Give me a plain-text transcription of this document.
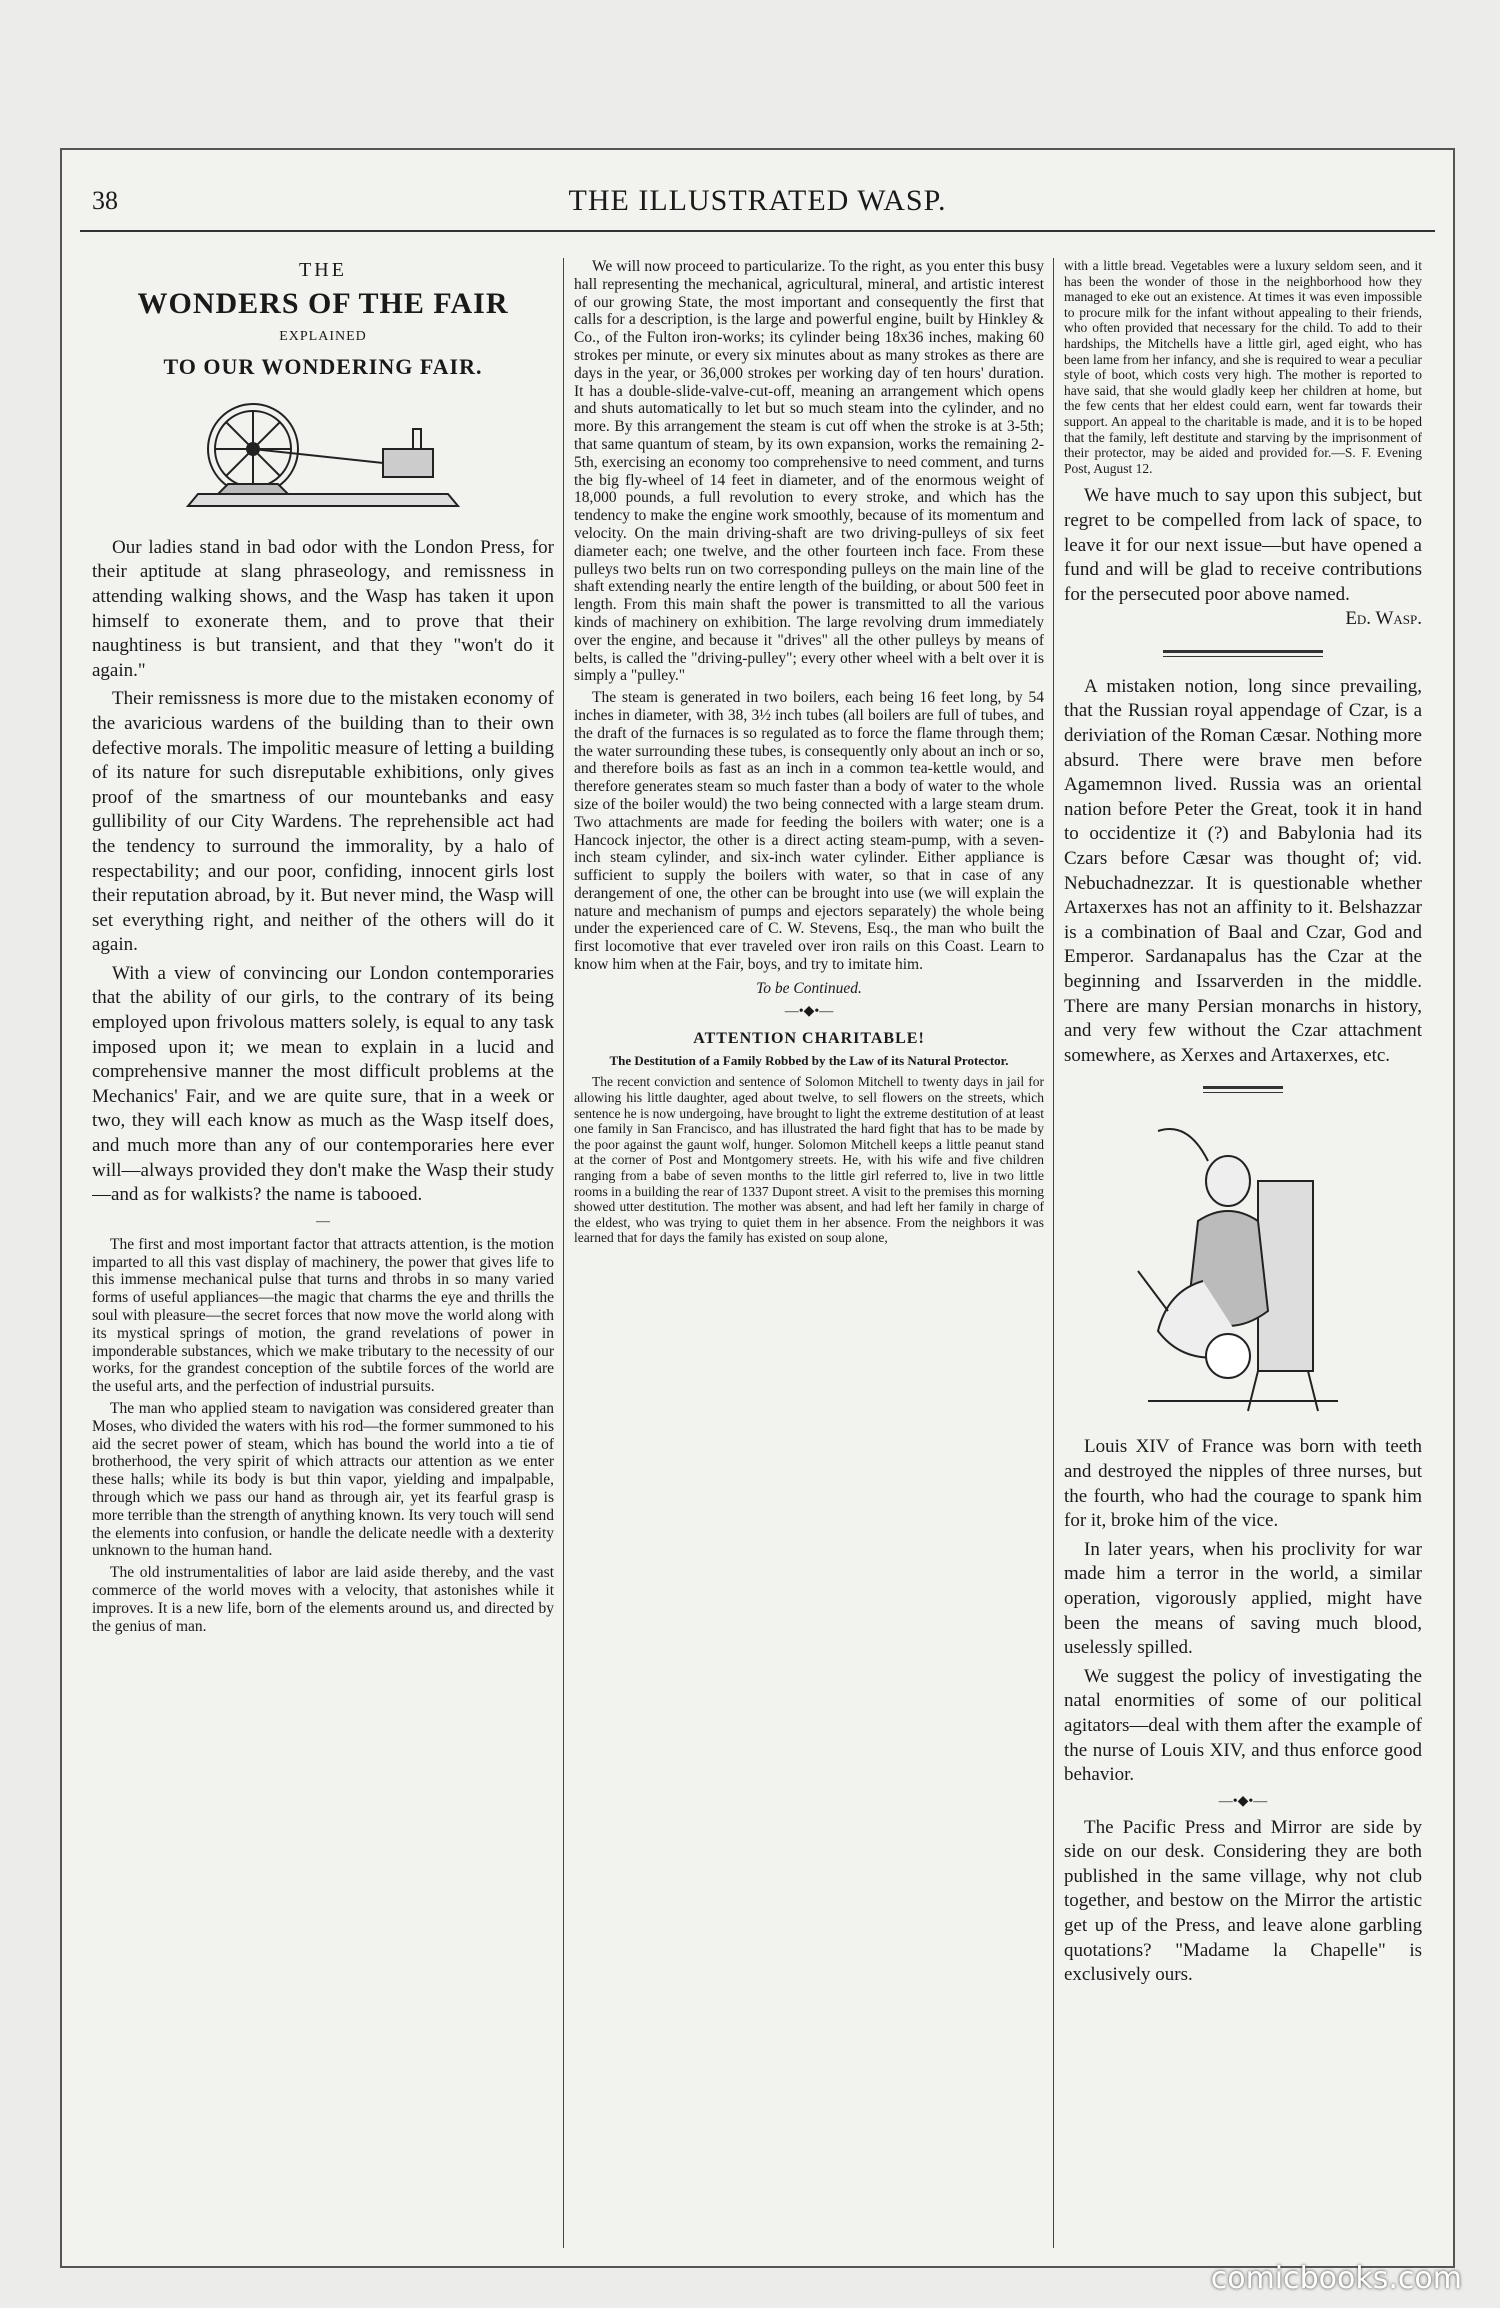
38	THE ILLUSTRATED WASP.
THE
WONDERS OF THE FAIR
EXPLAINED
TO OUR WONDERING FAIR.

Our ladies stand in bad odor with the London Press, for their aptitude at slang phraseology, and remissness in attending walking shows, and the Wasp has taken it upon himself to exonerate them, and to prove that their naughtiness is but transient, and that they "won't do it again."

Their remissness is more due to the mistaken economy of the avaricious wardens of the building than to their own defective morals. The impolitic measure of letting a building of its nature for such disreputable exhibitions, only gives proof of the smartness of our mountebanks and easy gullibility of our City Wardens. The reprehensible act had the tendency to surround the immorality, by a halo of respectability; and our poor, confiding, innocent girls lost their reputation abroad, by it. But never mind, the Wasp will set everything right, and neither of the others will do it again.

With a view of convincing our London contemporaries that the ability of our girls, to the contrary of its being employed upon frivolous matters solely, is equal to any task imposed upon it; we mean to explain in a lucid and comprehensive manner the most difficult problems at the Mechanics' Fair, and we are quite sure, that in a week or two, they will each know as much as the Wasp itself does, and much more than any of our contemporaries here ever will—always provided they don't make the Wasp their study—and as for walkists? the name is tabooed.

—

The first and most important factor that attracts attention, is the motion imparted to all this vast display of machinery, the power that gives life to this immense mechanical pulse that turns and throbs in so many varied forms of useful appliances—the magic that charms the eye and thrills the soul with pleasure—the secret forces that now move the world along with its mystical springs of motion, the grand revelations of power in imponderable substances, which we make tributary to the necessity of our works, for the grandest conception of the subtile forces of the world are the useful arts, and the perfection of industrial pursuits.

The man who applied steam to navigation was considered greater than Moses, who divided the waters with his rod—the former summoned to his aid the secret power of steam, which has bound the world into a tie of brotherhood, the very spirit of which attracts our attention as we enter these halls; while its body is but thin vapor, yielding and impalpable, through which we pass our hand as through air, yet its fearful grasp is more terrible than the strength of anything known. Its very touch will send the elements into confusion, or handle the delicate needle with a dexterity unknown to the human hand.

The old instrumentalities of labor are laid aside thereby, and the vast commerce of the world moves with a velocity, that astonishes while it improves. It is a new life, born of the elements around us, and directed by the genius of man.

We will now proceed to particularize. To the right, as you enter this busy hall representing the mechanical, agricultural, mineral, and artistic interest of our growing State, the most important and consequently the first that calls for a description, is the large and powerful engine, built by Hinkley & Co., of the Fulton iron-works; its cylinder being 18x36 inches, making 60 strokes per minute, or every six minutes about as many strokes as there are days in the year, or 36,000 strokes per working day of ten hours' duration. It has a double-slide-valve-cut-off, meaning an arrangement which opens and shuts automatically to let but so much steam into the cylinder, and no more. By this arrangement the steam is cut off when the stroke is at 3-5th; that same quantum of steam, by its own expansion, works the remaining 2-5th, exercising an economy too comprehensive to need comment, and turns the big fly-wheel of 14 feet in diameter, and of the enormous weight of 18,000 pounds, a full revolution to every stroke, and which has the tendency to make the engine work smoothly, because of its momentum and velocity. On the main driving-shaft are two driving-pulleys of six feet diameter each; one twelve, and the other fourteen inch face. From these pulleys two belts run on two corresponding pulleys on the main line of the shaft extending nearly the entire length of the building, or about 500 feet in length. From this main shaft the power is transmitted to all the various kinds of machinery on exhibition. The large revolving drum immediately over the engine, and because it "drives" all the other pulleys by means of belts, is called the "driving-pulley"; every other wheel with a belt over it is simply a "pulley."

The steam is generated in two boilers, each being 16 feet long, by 54 inches in diameter, with 38, 3½ inch tubes (all boilers are full of tubes, and the draft of the furnaces is so regulated as to force the flame through them; the water surrounding these tubes, is consequently only about an inch or so, and therefore boils as fast as an inch in a common tea-kettle would, and therefore generates steam so much faster than a body of water to the whole size of the boiler would) the two being connected with a large steam drum. Two attachments are made for feeding the boilers with water; one is a Hancock injector, the other is a direct acting steam-pump, with a seven-inch steam cylinder, and six-inch water cylinder. Either appliance is sufficient to supply the boilers with water, so that in case of any derangement of one, the other can be brought into use (we will explain the nature and mechanism of pumps and ejectors separately) the whole being under the experienced care of C. W. Stevens, Esq., the man who built the first locomotive that ever traveled over iron rails on this Coast. Learn to know him when at the Fair, boys, and try to imitate him.

To be Continued.

—•◆•—
ATTENTION CHARITABLE!
The Destitution of a Family Robbed by the Law of its Natural Protector.

The recent conviction and sentence of Solomon Mitchell to twenty days in jail for allowing his little daughter, aged about twelve, to sell flowers on the streets, which sentence he is now undergoing, have brought to light the extreme destitution of at least one family in San Francisco, and has illustrated the hard fight that has to be made by the poor against the gaunt wolf, hunger. Solomon Mitchell keeps a little peanut stand at the corner of Post and Montgomery streets. He, with his wife and five children ranging from a babe of seven months to the little girl referred to, live in two little rooms in a building the rear of 1337 Dupont street. A visit to the premises this morning showed utter destitution. The mother was absent, and had left her family in charge of the eldest, who was trying to quiet them in her absence. From the neighbors it was learned that for days the family has existed on soup alone,

with a little bread. Vegetables were a luxury seldom seen, and it has been the wonder of those in the neighborhood how they managed to eke out an existence. At times it was even impossible to procure milk for the infant without appealing to their friends, who often provided that necessary for the child. To add to their hardships, the Mitchells have a little girl, aged eight, who has been lame from her infancy, and she is required to wear a peculiar style of boot, which costs very high. The mother is reported to have said, that she would gladly keep her children at home, but the few cents that her eldest could earn, went far towards their support. An appeal to the charitable is made, and it is to be hoped that the family, left destitute and starving by the imprisonment of their protector, may be aided and provided for.—S. F. Evening Post, August 12.

We have much to say upon this subject, but regret to be compelled from lack of space, to leave it for our next issue—but have opened a fund and will be glad to receive contributions for the persecuted poor above named.

Ed. Wasp.

A mistaken notion, long since prevailing, that the Russian royal appendage of Czar, is a deriviation of the Roman Cæsar. Nothing more absurd. There were brave men before Agamemnon lived. Russia was an oriental nation before Peter the Great, took it in hand to occidentize it (?) and Babylonia had its Czars before Cæsar was thought of; vid. Nebuchadnezzar. It is questionable whether Artaxerxes has not an affinity to it. Belshazzar is a combination of Baal and Czar, God and Emperor. Sardanapalus has the Czar at the beginning and Issarverden in the middle. There are many Persian monarchs in history, and very few without the Czar attachment somewhere, as Xerxes and Artaxerxes, etc.

Louis XIV of France was born with teeth and destroyed the nipples of three nurses, but the fourth, who had the courage to spank him for it, broke him of the vice.

In later years, when his proclivity for war made him a terror in the world, a similar operation, vigorously applied, might have been the means of saving much blood, uselessly spilled.

We suggest the policy of investigating the natal enormities of some of our political agitators—deal with them after the example of the nurse of Louis XIV, and thus enforce good behavior.

—•◆•—

The Pacific Press and Mirror are side by side on our desk. Considering they are both published in the same village, why not club together, and bestow on the Mirror the artistic get up of the Press, and leave alone garbling quotations? "Madame la Chapelle" is exclusively ours.

comicbooks.com
